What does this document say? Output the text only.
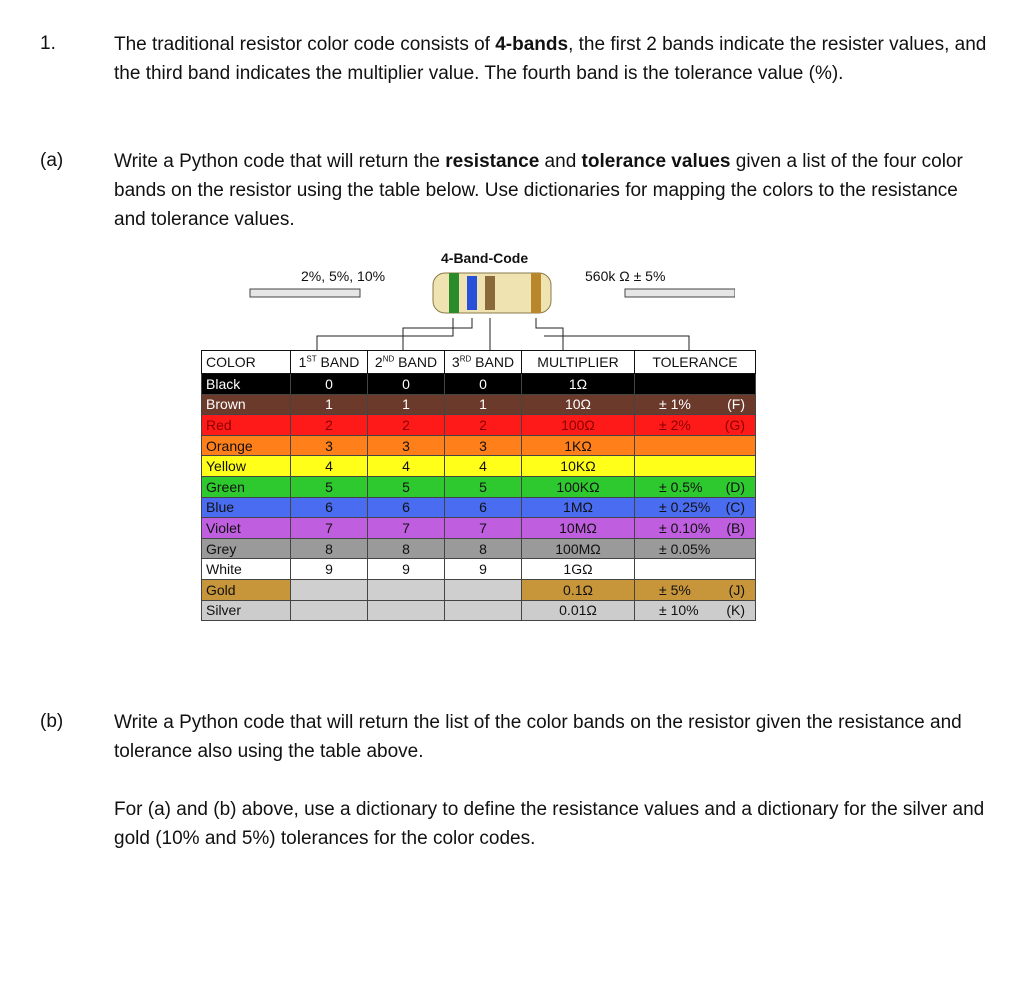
1.	The traditional resistor color code consists of 4-bands, the first 2 bands indicate the resister values, and the third band indicates the multiplier value. The fourth band is the tolerance value (%).
(a)	Write a Python code that will return the resistance and tolerance values given a list of the four color bands on the resistor using the table below. Use dictionaries for mapping the colors to the resistance and tolerance values.
4-Band-Code
2%, 5%, 10%	560k Ω ± 5%
COLOR	1ST BAND	2ND BAND	3RD BAND	MULTIPLIER	TOLERANCE
Black	0	0	0	1Ω	

Brown	1	1	1	10Ω	± 1% (F)

Red	2	2	2	100Ω	± 2% (G)

Orange	3	3	3	1KΩ	

Yellow	4	4	4	10KΩ	

Green	5	5	5	100KΩ	± 0.5% (D)

Blue	6	6	6	1MΩ	± 0.25% (C)

Violet	7	7	7	10MΩ	± 0.10% (B)

Grey	8	8	8	100MΩ	± 0.05%

White	9	9	9	1GΩ	

Gold				0.1Ω	± 5% (J)

Silver				0.01Ω	± 10% (K)
(b)	Write a Python code that will return the list of the color bands on the resistor given the resistance and tolerance also using the table above.
For (a) and (b) above, use a dictionary to define the resistance values and a dictionary for the silver and gold (10% and 5%) tolerances for the color codes.
